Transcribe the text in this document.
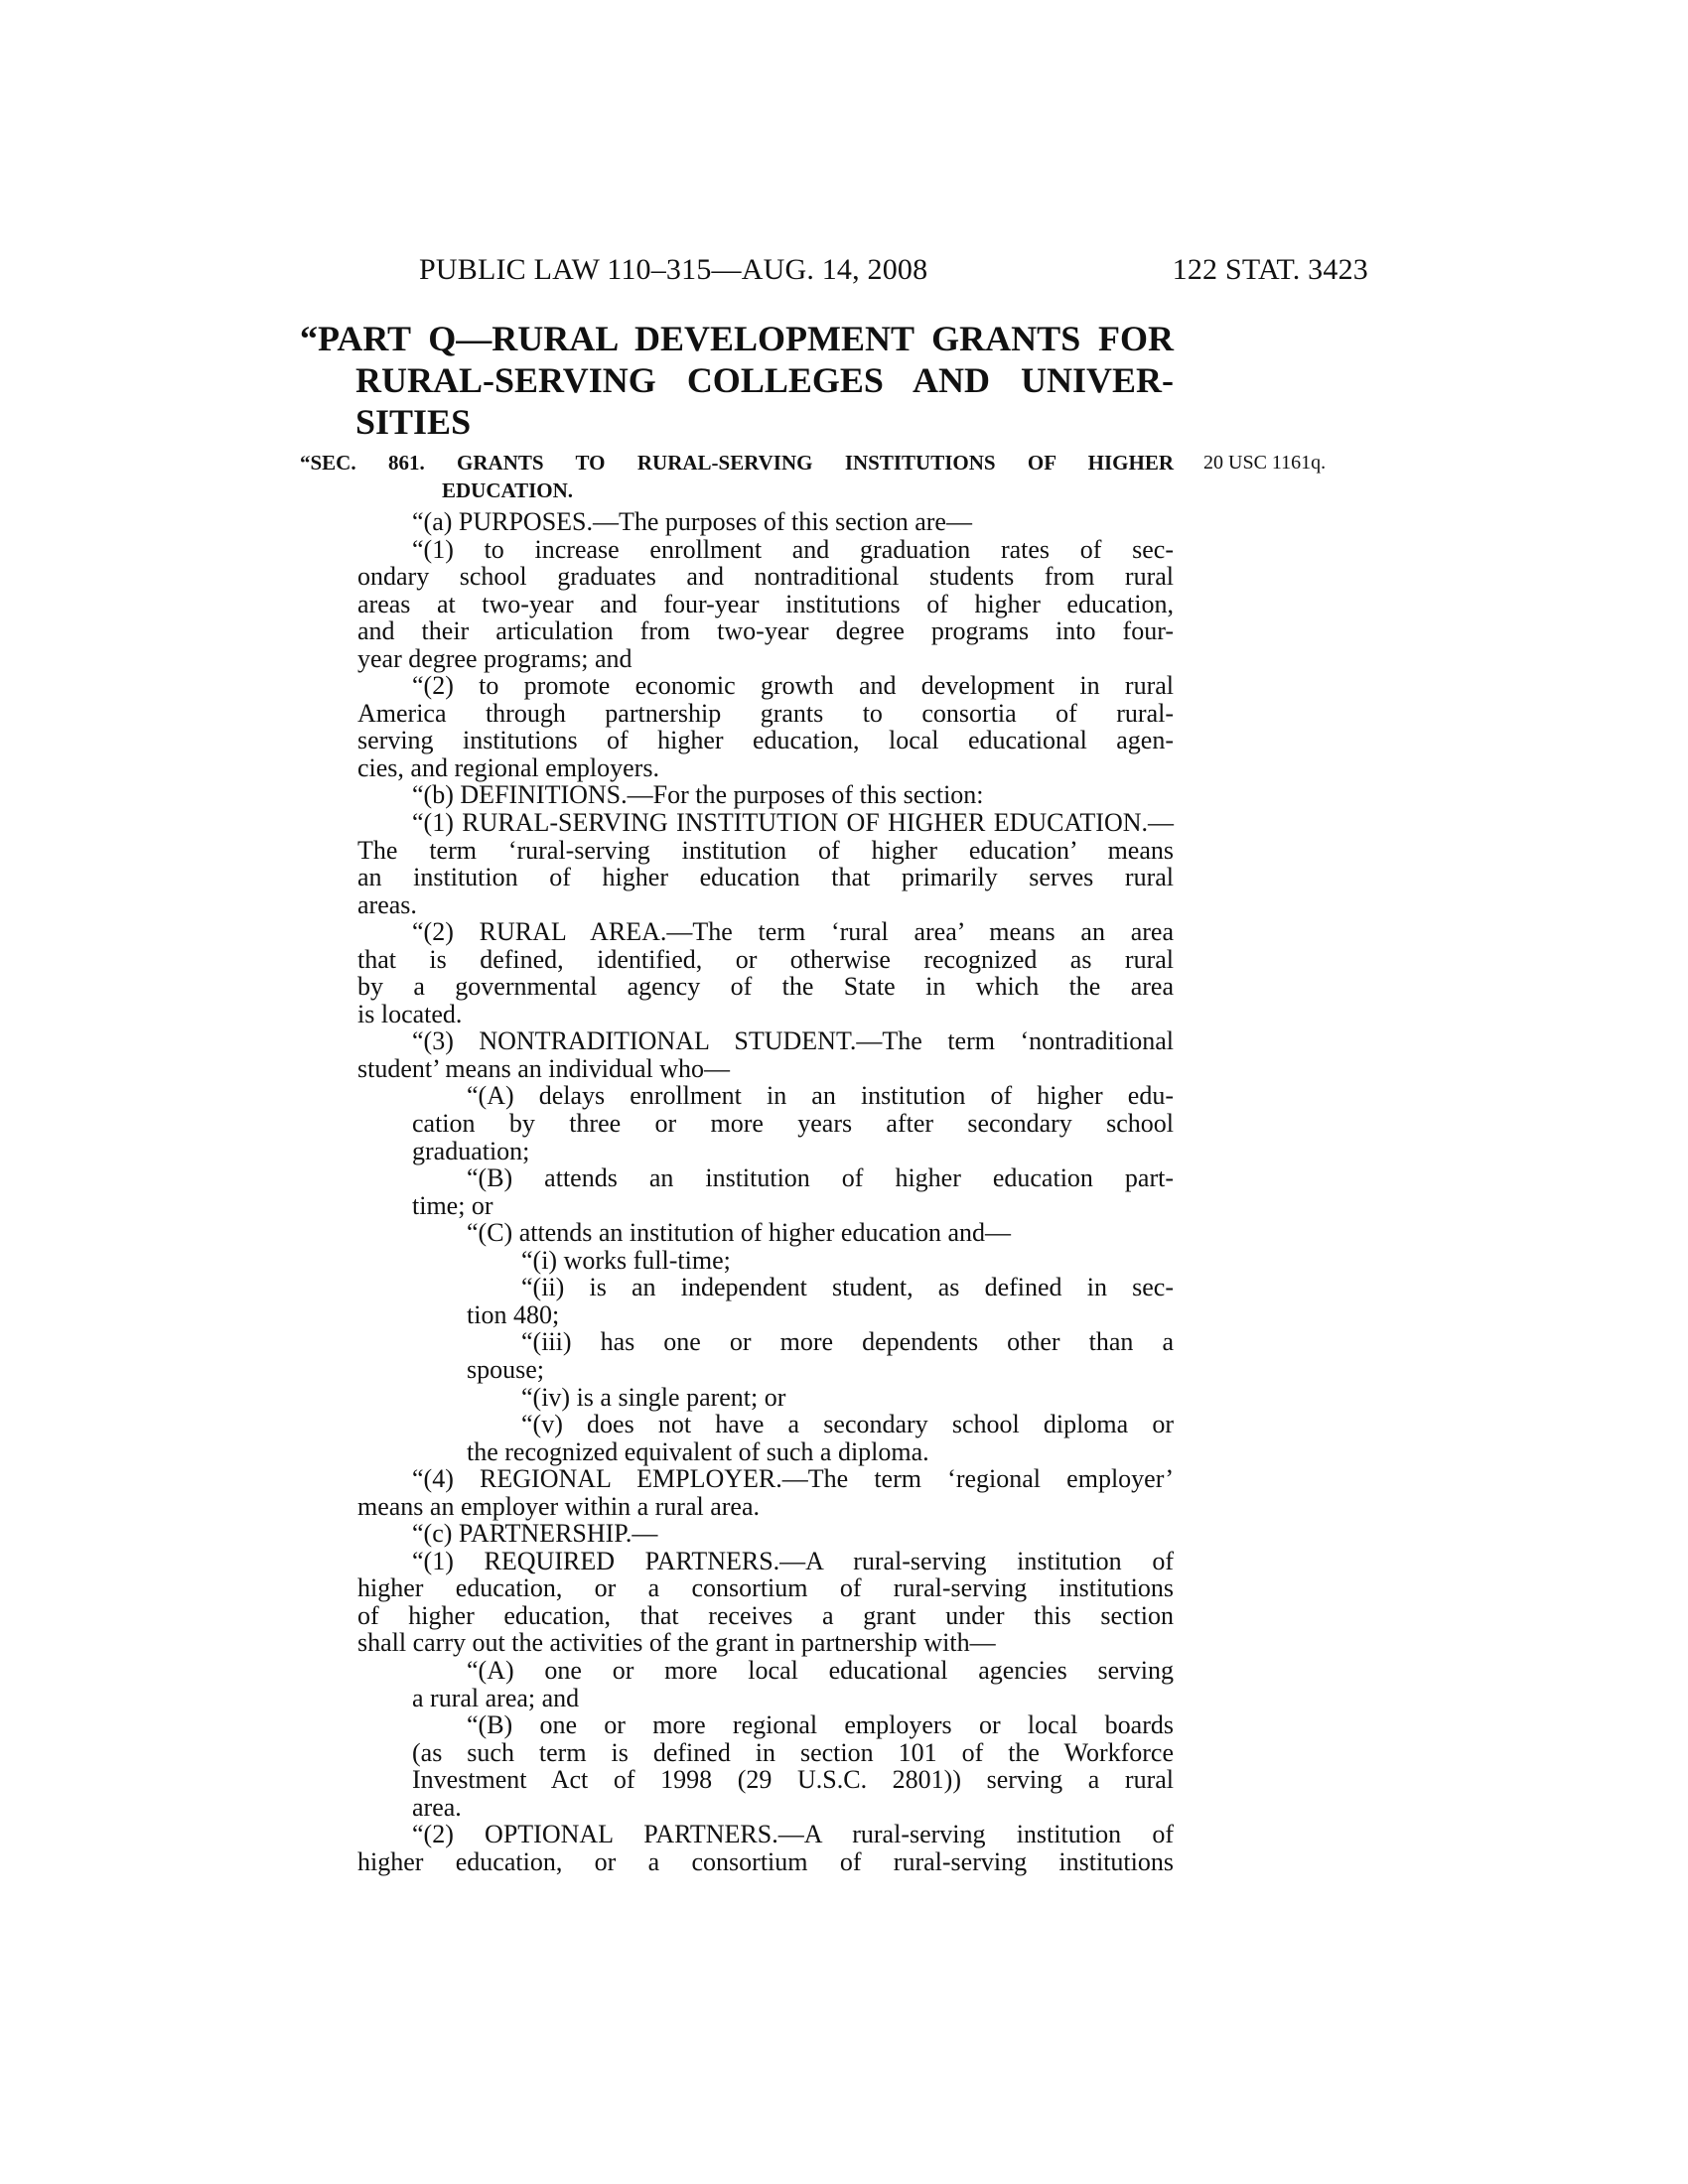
PUBLIC LAW 110–315—AUG. 14, 2008	122 STAT. 3423
“PART Q—RURAL DEVELOPMENT GRANTS FOR
RURAL-SERVING COLLEGES AND UNIVER-
SITIES
“SEC. 861. GRANTS TO RURAL-SERVING INSTITUTIONS OF HIGHER
EDUCATION.
20 USC 1161q.
“(a) PURPOSES.—The purposes of this section are—
“(1) to increase enrollment and graduation rates of sec-
ondary school graduates and nontraditional students from rural
areas at two-year and four-year institutions of higher education,
and their articulation from two-year degree programs into four-
year degree programs; and
“(2) to promote economic growth and development in rural
America through partnership grants to consortia of rural-
serving institutions of higher education, local educational agen-
cies, and regional employers.
“(b) DEFINITIONS.—For the purposes of this section:
“(1) RURAL-SERVING INSTITUTION OF HIGHER EDUCATION.—
The term ‘rural-serving institution of higher education’ means
an institution of higher education that primarily serves rural
areas.
“(2) RURAL AREA.—The term ‘rural area’ means an area
that is defined, identified, or otherwise recognized as rural
by a governmental agency of the State in which the area
is located.
“(3) NONTRADITIONAL STUDENT.—The term ‘nontraditional
student’ means an individual who—
“(A) delays enrollment in an institution of higher edu-
cation by three or more years after secondary school
graduation;
“(B) attends an institution of higher education part-
time; or
“(C) attends an institution of higher education and—
“(i) works full-time;
“(ii) is an independent student, as defined in sec-
tion 480;
“(iii) has one or more dependents other than a
spouse;
“(iv) is a single parent; or
“(v) does not have a secondary school diploma or
the recognized equivalent of such a diploma.
“(4) REGIONAL EMPLOYER.—The term ‘regional employer’
means an employer within a rural area.
“(c) PARTNERSHIP.—
“(1) REQUIRED PARTNERS.—A rural-serving institution of
higher education, or a consortium of rural-serving institutions
of higher education, that receives a grant under this section
shall carry out the activities of the grant in partnership with—
“(A) one or more local educational agencies serving
a rural area; and
“(B) one or more regional employers or local boards
(as such term is defined in section 101 of the Workforce
Investment Act of 1998 (29 U.S.C. 2801)) serving a rural
area.
“(2) OPTIONAL PARTNERS.—A rural-serving institution of
higher education, or a consortium of rural-serving institutions
